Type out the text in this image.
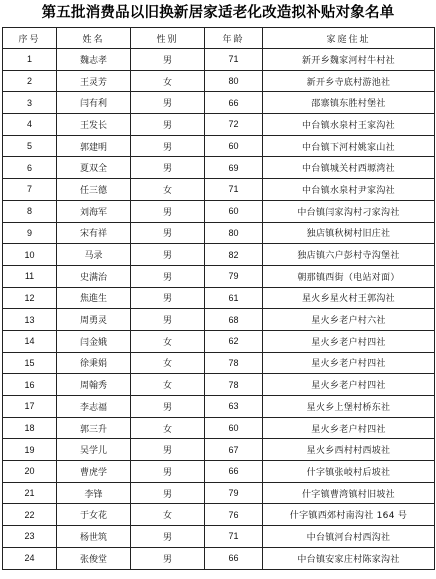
第五批消费品以旧换新居家适老化改造拟补贴对象名单
序号	姓名	性别	年龄	家庭住址
1	魏志孝	男	71	新开乡魏家河村牛村社
2	王灵芳	女	80	新开乡寺底村游池社
3	闫有利	男	66	邵寨镇东胜村堡社
4	王发长	男	72	中台镇水泉村王家沟社
5	郭建明	男	60	中台镇下河村姚家山社
6	夏双全	男	69	中台镇城关村西塬湾社
7	任三德	女	71	中台镇水泉村尹家沟社
8	刘海军	男	60	中台镇闫家沟村刁家沟社
9	宋有祥	男	80	独店镇秋树村旧庄社
10	马录	男	82	独店镇六户彭村寺沟堡社
11	史满治	男	79	朝那镇西街（电站对面）
12	焦進生	男	61	星火乡星火村王郭沟社
13	周勇灵	男	68	星火乡老户村六社
14	闫金娥	女	62	星火乡老户村四社
15	徐秉娟	女	78	星火乡老户村四社
16	周翰秀	女	78	星火乡老户村四社
17	李志福	男	63	星火乡上堡村桥东社
18	郭三升	女	60	星火乡老户村四社
19	吴学儿	男	67	星火乡西村村西坡社
20	曹虎学	男	66	什字镇张岐村后坡社
21	李锋	男	79	什字镇曹湾镇村旧坡社
22	于女花	女	76	什字镇西郊村南沟社 164 号
23	杨世筑	男	71	中台镇河台村西沟社
24	张俊堂	男	66	中台镇安家庄村陈家沟社
